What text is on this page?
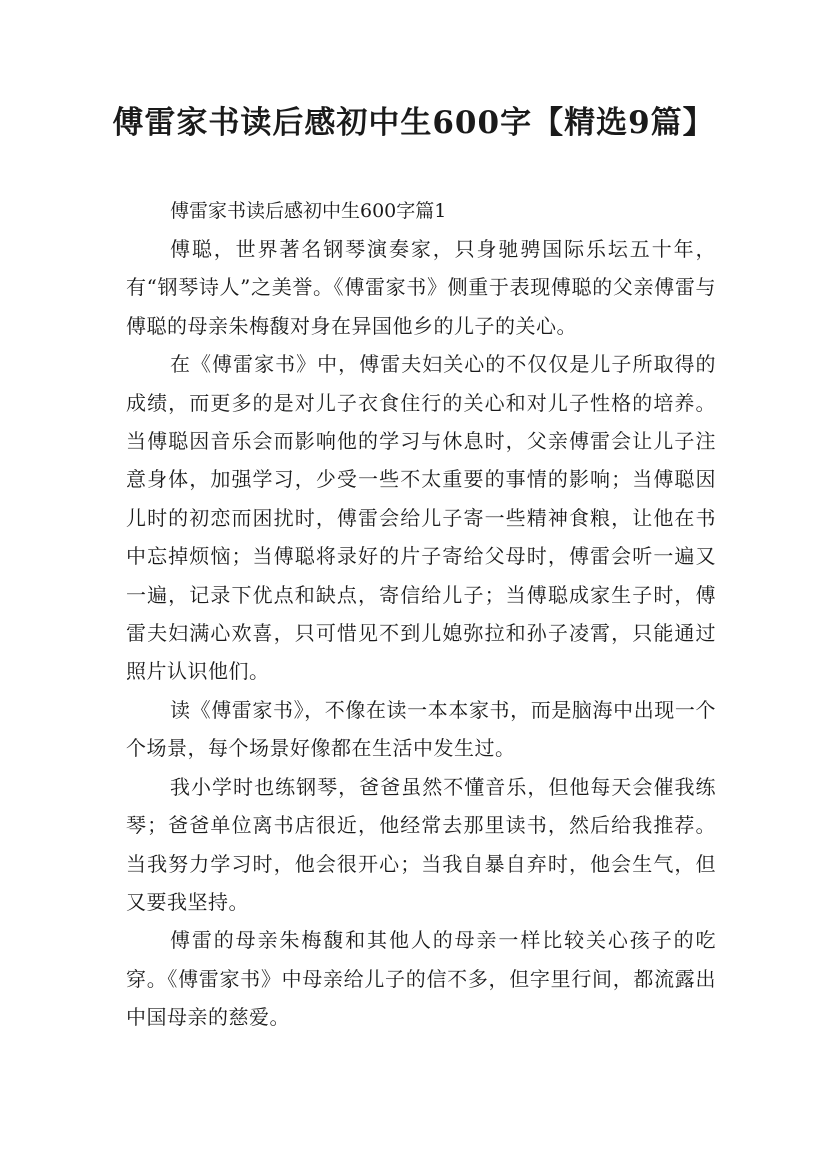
傅雷家书读后感初中生600字【精选9篇】

傅雷家书读后感初中生600字篇1

傅聪，世界著名钢琴演奏家，只身驰骋国际乐坛五十年，有“钢琴诗人”之美誉。《傅雷家书》侧重于表现傅聪的父亲傅雷与傅聪的母亲朱梅馥对身在异国他乡的儿子的关心。

在《傅雷家书》中，傅雷夫妇关心的不仅仅是儿子所取得的成绩，而更多的是对儿子衣食住行的关心和对儿子性格的培养。当傅聪因音乐会而影响他的学习与休息时，父亲傅雷会让儿子注意身体，加强学习，少受一些不太重要的事情的影响；当傅聪因儿时的初恋而困扰时，傅雷会给儿子寄一些精神食粮，让他在书中忘掉烦恼；当傅聪将录好的片子寄给父母时，傅雷会听一遍又一遍，记录下优点和缺点，寄信给儿子；当傅聪成家生子时，傅雷夫妇满心欢喜，只可惜见不到儿媳弥拉和孙子凌霄，只能通过照片认识他们。

读《傅雷家书》，不像在读一本本家书，而是脑海中出现一个个场景，每个场景好像都在生活中发生过。

我小学时也练钢琴，爸爸虽然不懂音乐，但他每天会催我练琴；爸爸单位离书店很近，他经常去那里读书，然后给我推荐。当我努力学习时，他会很开心；当我自暴自弃时，他会生气，但又要我坚持。

傅雷的母亲朱梅馥和其他人的母亲一样比较关心孩子的吃穿。《傅雷家书》中母亲给儿子的信不多，但字里行间，都流露出中国母亲的慈爱。
